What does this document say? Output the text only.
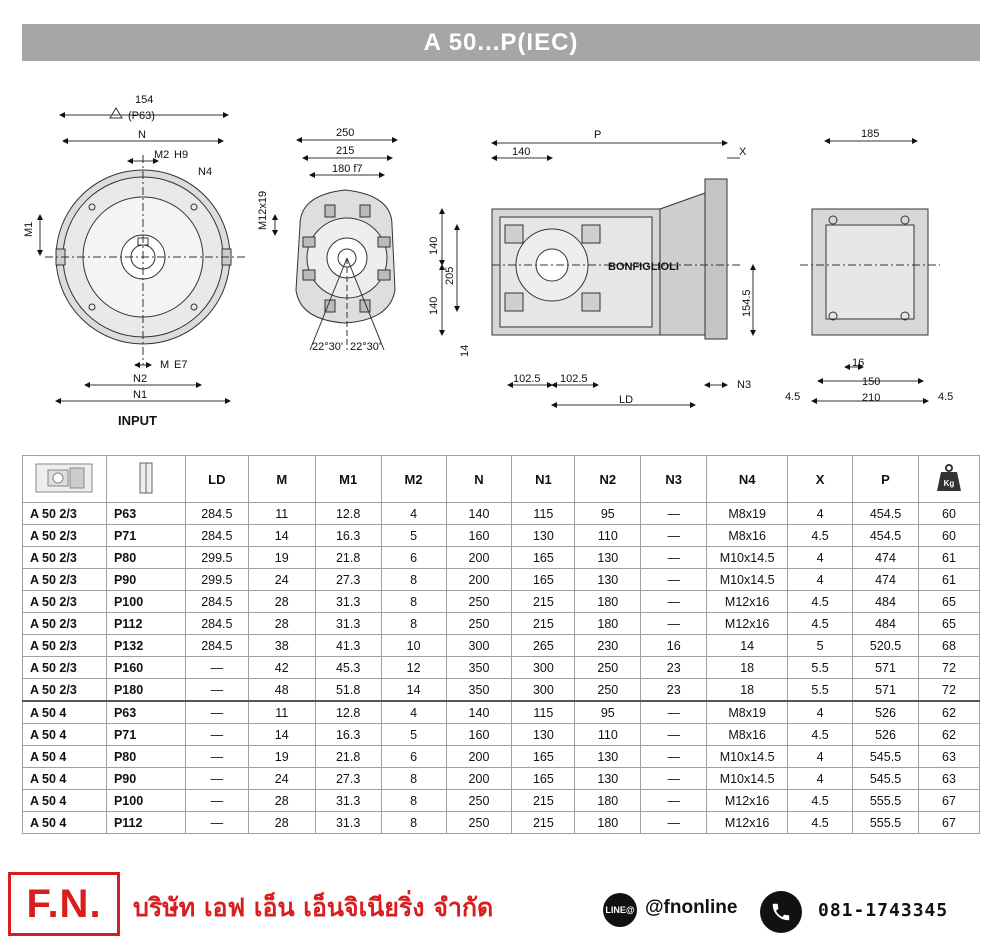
A 50...P(IEC)
154
(P63)
N
M2 H9
N4
M1
M E7
N2
N1
INPUT
250
215
180 f7
M12x19
22°30' 22°30'
P
140	X
140
205
140
14
154.5
102.5 102.5	N3
LD
BONFIGLIOLI
185
16
150
4.5	210	4.5
		LD	M	M1	M2	N	N1	N2	N3	N4	X	P	Kg

A 50 2/3	P63	284.5	11	12.8	4	140	115	95	—	M8x19	4	454.5	60
A 50 2/3	P71	284.5	14	16.3	5	160	130	110	—	M8x16	4.5	454.5	60
A 50 2/3	P80	299.5	19	21.8	6	200	165	130	—	M10x14.5	4	474	61
A 50 2/3	P90	299.5	24	27.3	8	200	165	130	—	M10x14.5	4	474	61
A 50 2/3	P100	284.5	28	31.3	8	250	215	180	—	M12x16	4.5	484	65
A 50 2/3	P112	284.5	28	31.3	8	250	215	180	—	M12x16	4.5	484	65
A 50 2/3	P132	284.5	38	41.3	10	300	265	230	16	14	5	520.5	68
A 50 2/3	P160	—	42	45.3	12	350	300	250	23	18	5.5	571	72
A 50 2/3	P180	—	48	51.8	14	350	300	250	23	18	5.5	571	72
A 50 4	P63	—	11	12.8	4	140	115	95	—	M8x19	4	526	62
A 50 4	P71	—	14	16.3	5	160	130	110	—	M8x16	4.5	526	62
A 50 4	P80	—	19	21.8	6	200	165	130	—	M10x14.5	4	545.5	63
A 50 4	P90	—	24	27.3	8	200	165	130	—	M10x14.5	4	545.5	63
A 50 4	P100	—	28	31.3	8	250	215	180	—	M12x16	4.5	555.5	67
A 50 4	P112	—	28	31.3	8	250	215	180	—	M12x16	4.5	555.5	67
F.N.	บริษัท เอฟ เอ็น เอ็นจิเนียริ่ง จำกัด	LINE@ @fnonline	081-1743345
